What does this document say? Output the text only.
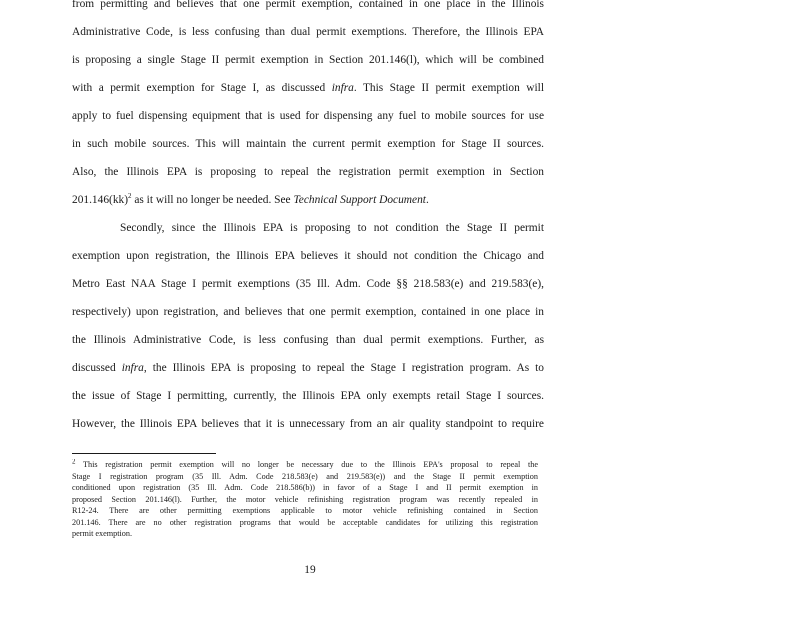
from permitting and believes that one permit exemption, contained in one place in the Illinois
Administrative Code, is less confusing than dual permit exemptions. Therefore, the Illinois EPA
is proposing a single Stage II permit exemption in Section 201.146(l), which will be combined
with a permit exemption for Stage I, as discussed infra. This Stage II permit exemption will
apply to fuel dispensing equipment that is used for dispensing any fuel to mobile sources for use
in such mobile sources. This will maintain the current permit exemption for Stage II sources.
Also, the Illinois EPA is proposing to repeal the registration permit exemption in Section
201.146(kk)$^2$ as it will no longer be needed. See Technical Support Document.
Secondly, since the Illinois EPA is proposing to not condition the Stage II permit
exemption upon registration, the Illinois EPA believes it should not condition the Chicago and
Metro East NAA Stage I permit exemptions (35 Ill. Adm. Code §§ 218.583(e) and 219.583(e),
respectively) upon registration, and believes that one permit exemption, contained in one place in
the Illinois Administrative Code, is less confusing than dual permit exemptions. Further, as
discussed infra, the Illinois EPA is proposing to repeal the Stage I registration program. As to
the issue of Stage I permitting, currently, the Illinois EPA only exempts retail Stage I sources.
However, the Illinois EPA believes that it is unnecessary from an air quality standpoint to require
$^2$ This registration permit exemption will no longer be necessary due to the Illinois EPA's proposal to repeal the
Stage I registration program (35 Ill. Adm. Code 218.583(e) and 219.583(e)) and the Stage II permit exemption
conditioned upon registration (35 Ill. Adm. Code 218.586(b)) in favor of a Stage I and II permit exemption in
proposed Section 201.146(l). Further, the motor vehicle refinishing registration program was recently repealed in
R12-24. There are other permitting exemptions applicable to motor vehicle refinishing contained in Section
201.146. There are no other registration programs that would be acceptable candidates for utilizing this registration
permit exemption.
19
